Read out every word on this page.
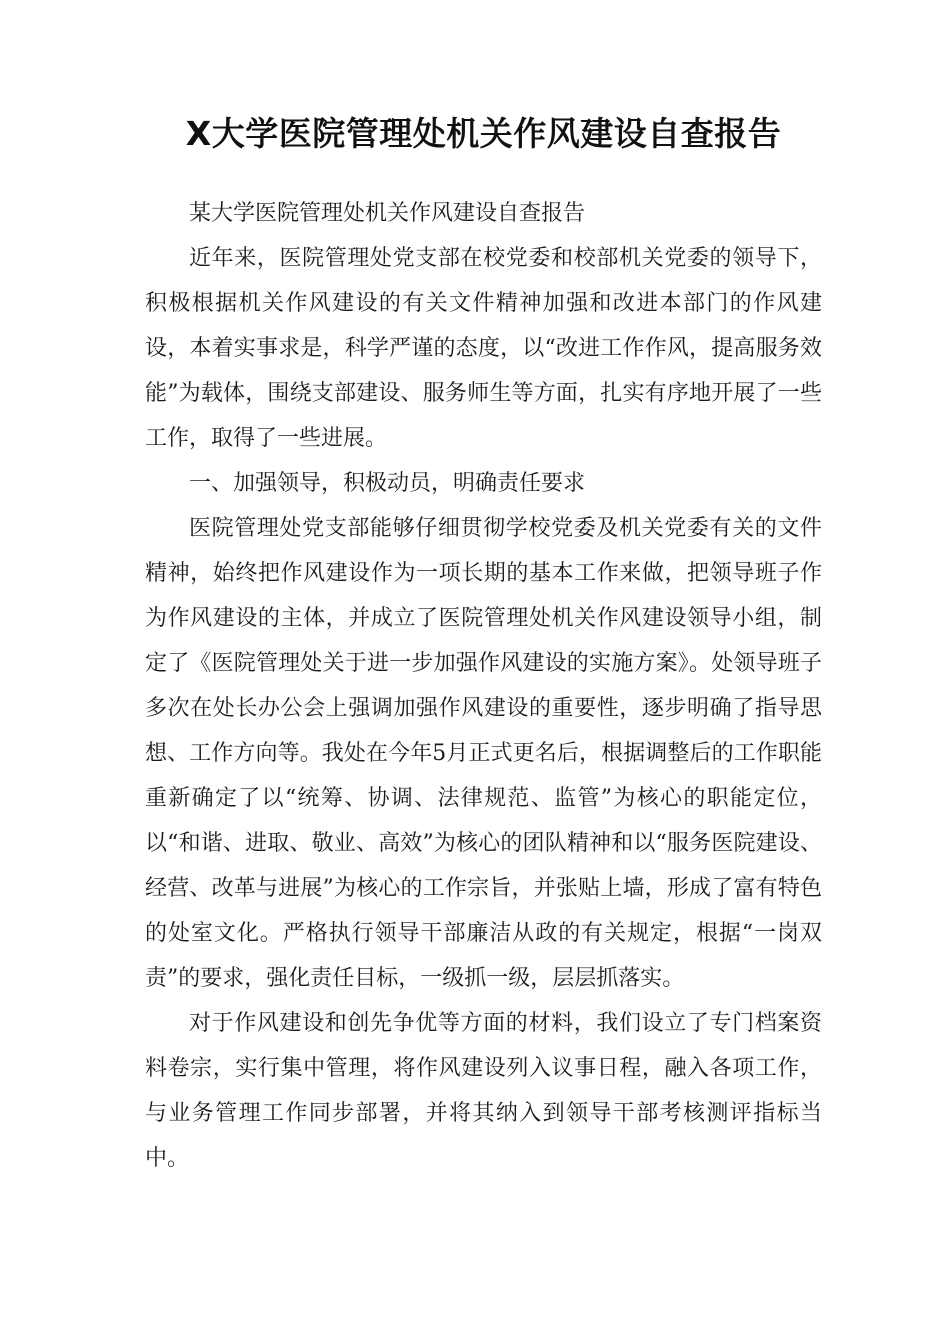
X大学医院管理处机关作风建设自查报告

某大学医院管理处机关作风建设自查报告

近年来，医院管理处党支部在校党委和校部机关党委的领导下，积极根据机关作风建设的有关文件精神加强和改进本部门的作风建设，本着实事求是，科学严谨的态度，以“改进工作作风，提高服务效能”为载体，围绕支部建设、服务师生等方面，扎实有序地开展了一些工作，取得了一些进展。

一、加强领导，积极动员，明确责任要求

医院管理处党支部能够仔细贯彻学校党委及机关党委有关的文件精神，始终把作风建设作为一项长期的基本工作来做，把领导班子作为作风建设的主体，并成立了医院管理处机关作风建设领导小组，制定了《医院管理处关于进一步加强作风建设的实施方案》。处领导班子多次在处长办公会上强调加强作风建设的重要性，逐步明确了指导思想、工作方向等。我处在今年5月正式更名后，根据调整后的工作职能重新确定了以“统筹、协调、法律规范、监管”为核心的职能定位，以“和谐、进取、敬业、高效”为核心的团队精神和以“服务医院建设、经营、改革与进展”为核心的工作宗旨，并张贴上墙，形成了富有特色的处室文化。严格执行领导干部廉洁从政的有关规定，根据“一岗双责”的要求，强化责任目标，一级抓一级，层层抓落实。

对于作风建设和创先争优等方面的材料，我们设立了专门档案资料卷宗，实行集中管理，将作风建设列入议事日程，融入各项工作，与业务管理工作同步部署，并将其纳入到领导干部考核测评指标当中。
